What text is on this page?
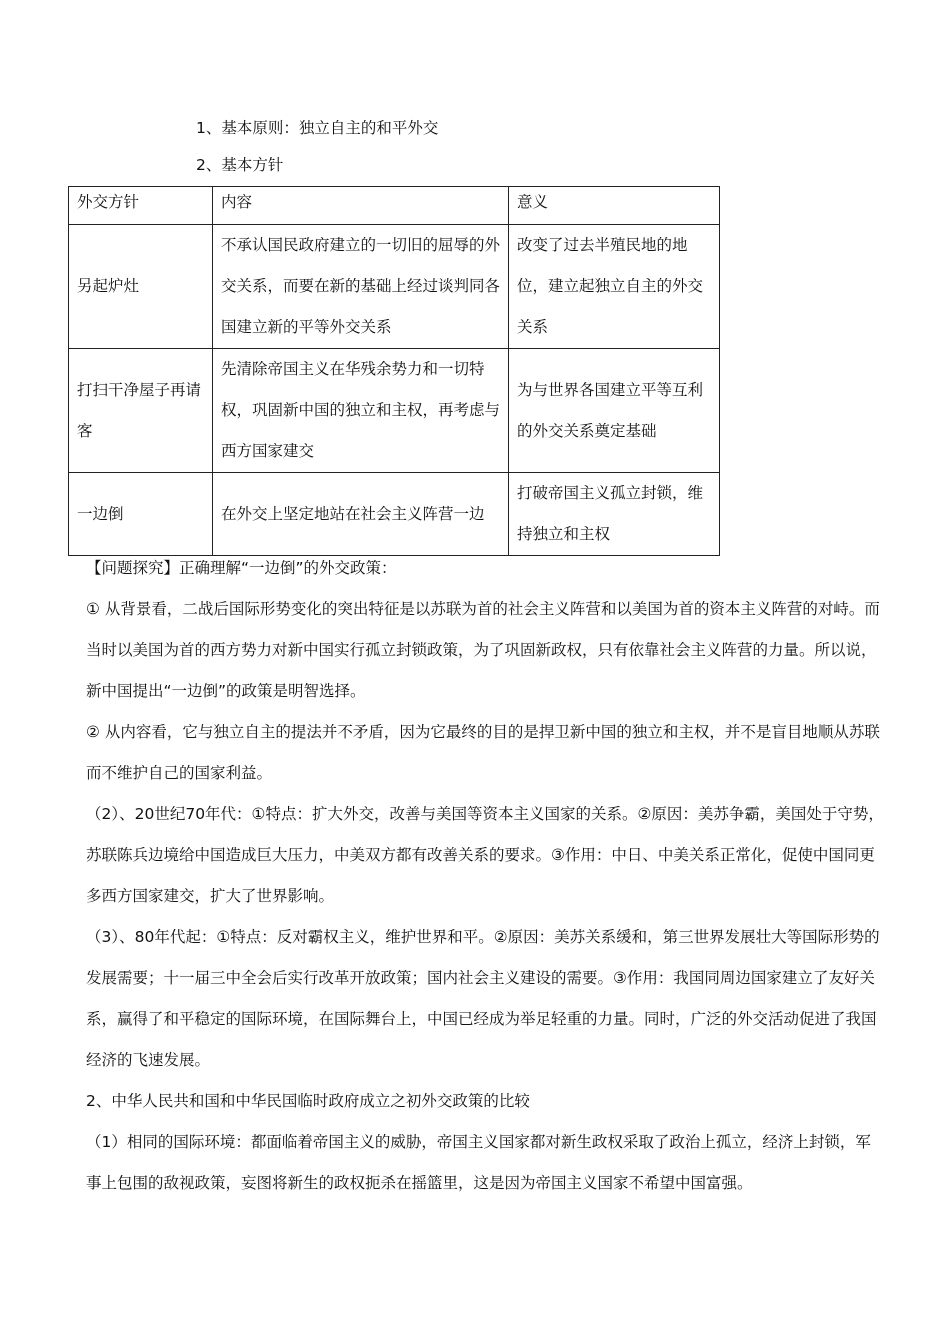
1、基本原则：独立自主的和平外交
2、基本方针
外交方针	内容	意义
另起炉灶	不承认国民政府建立的一切旧的屈辱的外交关系，而要在新的基础上经过谈判同各国建立新的平等外交关系	改变了过去半殖民地的地位，建立起独立自主的外交关系
打扫干净屋子再请客	先清除帝国主义在华残余势力和一切特权，巩固新中国的独立和主权，再考虑与西方国家建交	为与世界各国建立平等互利的外交关系奠定基础
一边倒	在外交上坚定地站在社会主义阵营一边	打破帝国主义孤立封锁，维持独立和主权
【问题探究】正确理解“一边倒”的外交政策：
① 从背景看，二战后国际形势变化的突出特征是以苏联为首的社会主义阵营和以美国为首的资本主义阵营的对峙。而当时以美国为首的西方势力对新中国实行孤立封锁政策，为了巩固新政权，只有依靠社会主义阵营的力量。所以说，新中国提出“一边倒”的政策是明智选择。
② 从内容看，它与独立自主的提法并不矛盾，因为它最终的目的是捍卫新中国的独立和主权，并不是盲目地顺从苏联而不维护自己的国家利益。
（2）、20世纪70年代：①特点：扩大外交，改善与美国等资本主义国家的关系。②原因：美苏争霸，美国处于守势，苏联陈兵边境给中国造成巨大压力，中美双方都有改善关系的要求。③作用：中日、中美关系正常化，促使中国同更多西方国家建交，扩大了世界影响。
（3）、80年代起：①特点：反对霸权主义，维护世界和平。②原因：美苏关系缓和，第三世界发展壮大等国际形势的发展需要；十一届三中全会后实行改革开放政策；国内社会主义建设的需要。③作用：我国同周边国家建立了友好关系，赢得了和平稳定的国际环境，在国际舞台上，中国已经成为举足轻重的力量。同时，广泛的外交活动促进了我国经济的飞速发展。
2、中华人民共和国和中华民国临时政府成立之初外交政策的比较
（1）相同的国际环境：都面临着帝国主义的威胁，帝国主义国家都对新生政权采取了政治上孤立，经济上封锁，军事上包围的敌视政策，妄图将新生的政权扼杀在摇篮里，这是因为帝国主义国家不希望中国富强。
